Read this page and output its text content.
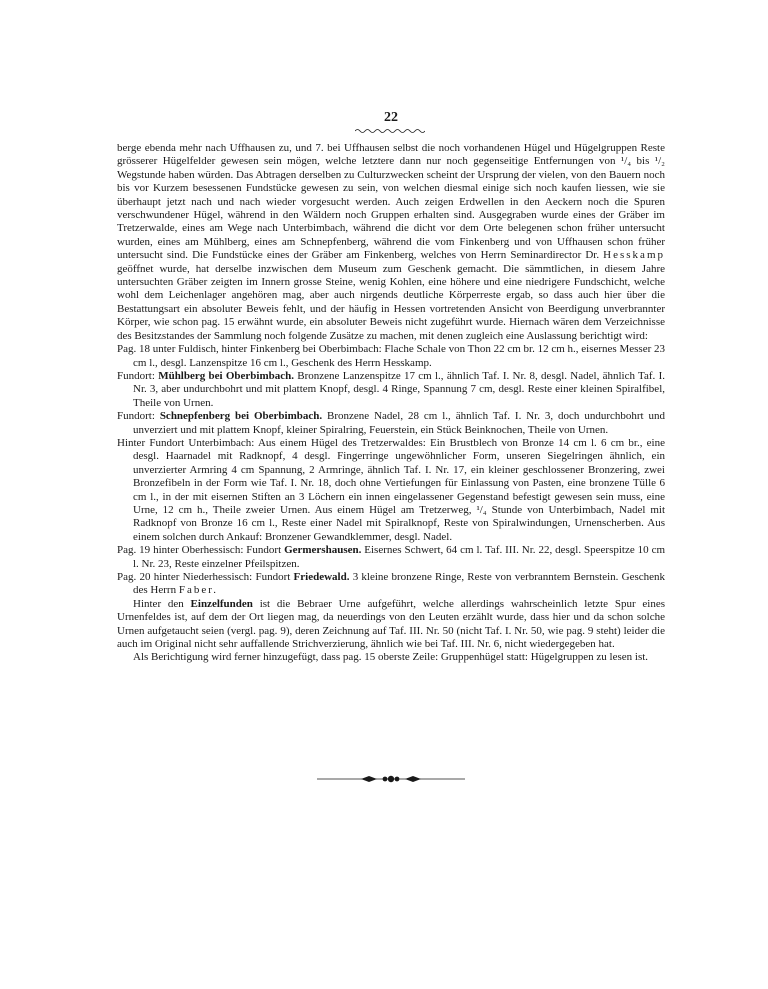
22

berge ebenda mehr nach Uffhausen zu, und 7. bei Uffhausen selbst die noch vorhandenen Hügel und Hügelgruppen Reste grösserer Hügelfelder gewesen sein mögen, welche letztere dann nur noch gegenseitige Entfernungen von ¹/₄ bis ¹/₂ Wegstunde haben würden. Das Abtragen derselben zu Culturzwecken scheint der Ursprung der vielen, von den Bauern noch bis vor Kurzem besessenen Fundstücke gewesen zu sein, von welchen diesmal einige sich noch kaufen liessen, wie sie überhaupt jetzt nach und nach wieder vorgesucht werden. Auch zeigen Erdwellen in den Aeckern noch die Spuren verschwundener Hügel, während in den Wäldern noch Gruppen erhalten sind. Ausgegraben wurde eines der Gräber im Tretzerwalde, eines am Wege nach Unterbimbach, während die dicht vor dem Orte belegenen schon früher untersucht wurden, eines am Mühlberg, eines am Schnepfenberg, während die vom Finkenberg und von Uffhausen schon früher untersucht sind. Die Fundstücke eines der Gräber am Finkenberg, welches von Herrn Seminardirector Dr. Hesskamp geöffnet wurde, hat derselbe inzwischen dem Museum zum Geschenk gemacht. Die sämmtlichen, in diesem Jahre untersuchten Gräber zeigten im Innern grosse Steine, wenig Kohlen, eine höhere und eine niedrigere Fundschicht, welche wohl dem Leichenlager angehören mag, aber auch nirgends deutliche Körperreste ergab, so dass auch hier über die Bestattungsart ein absoluter Beweis fehlt, und der häufig in Hessen vortretenden Ansicht von Beerdigung unverbrannter Körper, wie schon pag. 15 erwähnt wurde, ein absoluter Beweis nicht zugeführt wurde. Hiernach wären dem Verzeichnisse des Besitzstandes der Sammlung noch folgende Zusätze zu machen, mit denen zugleich eine Auslassung berichtigt wird:

Pag. 18 unter Fuldisch, hinter Finkenberg bei Oberbimbach: Flache Schale von Thon 22 cm br. 12 cm h., eisernes Messer 23 cm l., desgl. Lanzenspitze 16 cm l., Geschenk des Herrn Hesskamp.

Fundort: Mühlberg bei Oberbimbach. Bronzene Lanzenspitze 17 cm l., ähnlich Taf. I. Nr. 8, desgl. Nadel, ähnlich Taf. I. Nr. 3, aber undurchbohrt und mit plattem Knopf, desgl. 4 Ringe, Spannung 7 cm, desgl. Reste einer kleinen Spiralfibel, Theile von Urnen.

Fundort: Schnepfenberg bei Oberbimbach. Bronzene Nadel, 28 cm l., ähnlich Taf. I. Nr. 3, doch undurchbohrt und unverziert und mit plattem Knopf, kleiner Spiralring, Feuerstein, ein Stück Beinknochen, Theile von Urnen.

Hinter Fundort Unterbimbach: Aus einem Hügel des Tretzerwaldes: Ein Brustblech von Bronze 14 cm l. 6 cm br., eine desgl. Haarnadel mit Radknopf, 4 desgl. Fingerringe ungewöhnlicher Form, unseren Siegelringen ähnlich, ein unverzierter Armring 4 cm Spannung, 2 Armringe, ähnlich Taf. I. Nr. 17, ein kleiner geschlossener Bronzering, zwei Bronzefibeln in der Form wie Taf. I. Nr. 18, doch ohne Vertiefungen für Einlassung von Pasten, eine bronzene Tülle 6 cm l., in der mit eisernen Stiften an 3 Löchern ein innen eingelassener Gegenstand befestigt gewesen sein muss, eine Urne, 12 cm h., Theile zweier Urnen. Aus einem Hügel am Tretzerweg, ¹/₄ Stunde von Unterbimbach, Nadel mit Radknopf von Bronze 16 cm l., Reste einer Nadel mit Spiralknopf, Reste von Spiralwindungen, Urnenscherben. Aus einem solchen durch Ankauf: Bronzener Gewandklemmer, desgl. Nadel.

Pag. 19 hinter Oberhessisch: Fundort Germershausen. Eisernes Schwert, 64 cm l. Taf. III. Nr. 22, desgl. Speerspitze 10 cm l. Nr. 23, Reste einzelner Pfeilspitzen.

Pag. 20 hinter Niederhessisch: Fundort Friedewald. 3 kleine bronzene Ringe, Reste von verbranntem Bernstein. Geschenk des Herrn Faber.

Hinter den Einzelfunden ist die Bebraer Urne aufgeführt, welche allerdings wahrscheinlich letzte Spur eines Urnenfeldes ist, auf dem der Ort liegen mag, da neuerdings von den Leuten erzählt wurde, dass hier und da schon solche Urnen aufgetaucht seien (vergl. pag. 9), deren Zeichnung auf Taf. III. Nr. 50 (nicht Taf. I. Nr. 50, wie pag. 9 steht) leider die auch im Original nicht sehr auffallende Strichverzierung, ähnlich wie bei Taf. III. Nr. 6, nicht wiedergegeben hat.

Als Berichtigung wird ferner hinzugefügt, dass pag. 15 oberste Zeile: Gruppenhügel statt: Hügelgruppen zu lesen ist.
